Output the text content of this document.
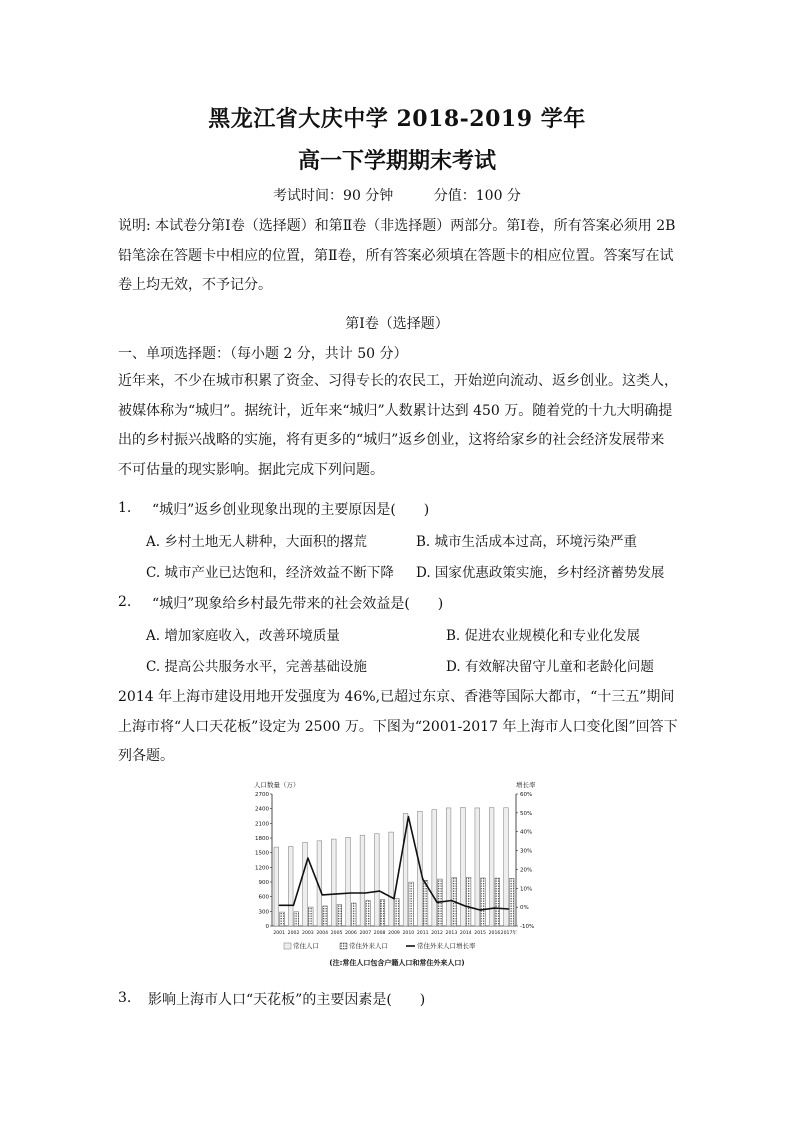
黑龙江省大庆中学 2018-2019 学年
高一下学期期末考试
考试时间：90 分钟	分值：100 分
说明: 本试卷分第Ⅰ卷（选择题）和第Ⅱ卷（非选择题）两部分。第Ⅰ卷，所有答案必须用 2B 铅笔涂在答题卡中相应的位置，第Ⅱ卷，所有答案必须填在答题卡的相应位置。答案写在试卷上均无效，不予记分。
第Ⅰ卷（选择题）
一、单项选择题：（每小题 2 分，共计 50 分）
近年来，不少在城市积累了资金、习得专长的农民工，开始逆向流动、返乡创业。这类人，被媒体称为“城归”。据统计，近年来“城归”人数累计达到 450 万。随着党的十九大明确提出的乡村振兴战略的实施，将有更多的“城归”返乡创业，这将给家乡的社会经济发展带来不可估量的现实影响。据此完成下列问题。
1. “城归”返乡创业现象出现的主要原因是(　　)
A. 乡村土地无人耕种，大面积的撂荒	B. 城市生活成本过高，环境污染严重
C. 城市产业已达饱和，经济效益不断下降 D. 国家优惠政策实施，乡村经济蓄势发展
2. “城归”现象给乡村最先带来的社会效益是(　　)
A. 增加家庭收入，改善环境质量	B. 促进农业规模化和专业化发展
C. 提高公共服务水平，完善基础设施	D. 有效解决留守儿童和老龄化问题
2014 年上海市建设用地开发强度为 46%,已超过东京、香港等国际大都市，“十三五”期间上海市将“人口天花板”设定为 2500 万。下图为“2001-2017 年上海市人口变化图”回答下列各题。
人口数量（万）	增长率
0
300
600
900
1200
1500
1800
2100
2400
2700
-10%
0%
10%
20%
30%
40%
50%
60%
2001 2002 2003 2004 2005 2006 2007 2008 2009 2010 2011 2012 2013 2014 2015 2016 2017年
常住人口	常住外来人口	常住外来人口增长率
(注:常住人口包含户籍人口和常住外来人口)
3. 影响上海市人口“天花板”的主要因素是(　　)
